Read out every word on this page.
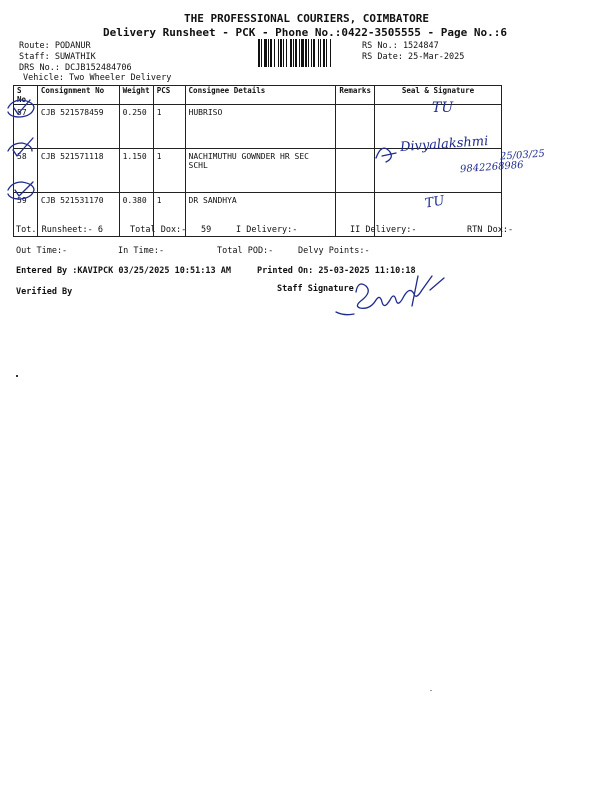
THE PROFESSIONAL COURIERS, COIMBATORE
Delivery Runsheet - PCK - Phone No.:0422-3505555 - Page No.:6
Route: PODANUR
Staff: SUWATHIK
DRS No.: DCJB152484706
Vehicle: Two Wheeler Delivery
RS No.: 1524847
RS Date: 25-Mar-2025
S No	Consignment No	Weight	PCS	Consignee Details	Remarks	Seal & Signature
57	CJB 521578459	0.250	1	HUBRISO		
58	CJB 521571118	1.150	1	NACHIMUTHU GOWNDER HR SEC SCHL		
59	CJB 521531170	0.380	1	DR SANDHYA		
Tot. Runsheet:- 6	Total Dox:- 59	I Delivery:-	II Delivery:-	RTN Dox:-
Out Time:-	In Time:-	Total POD:-	Delvy Points:-
Entered By :KAVIPCK 03/25/2025 10:51:13 AM	Printed On: 25-03-2025 11:10:18
Verified By	Staff Signature
TU
Divyalakshmi
25/03/25
9842268986
TU
